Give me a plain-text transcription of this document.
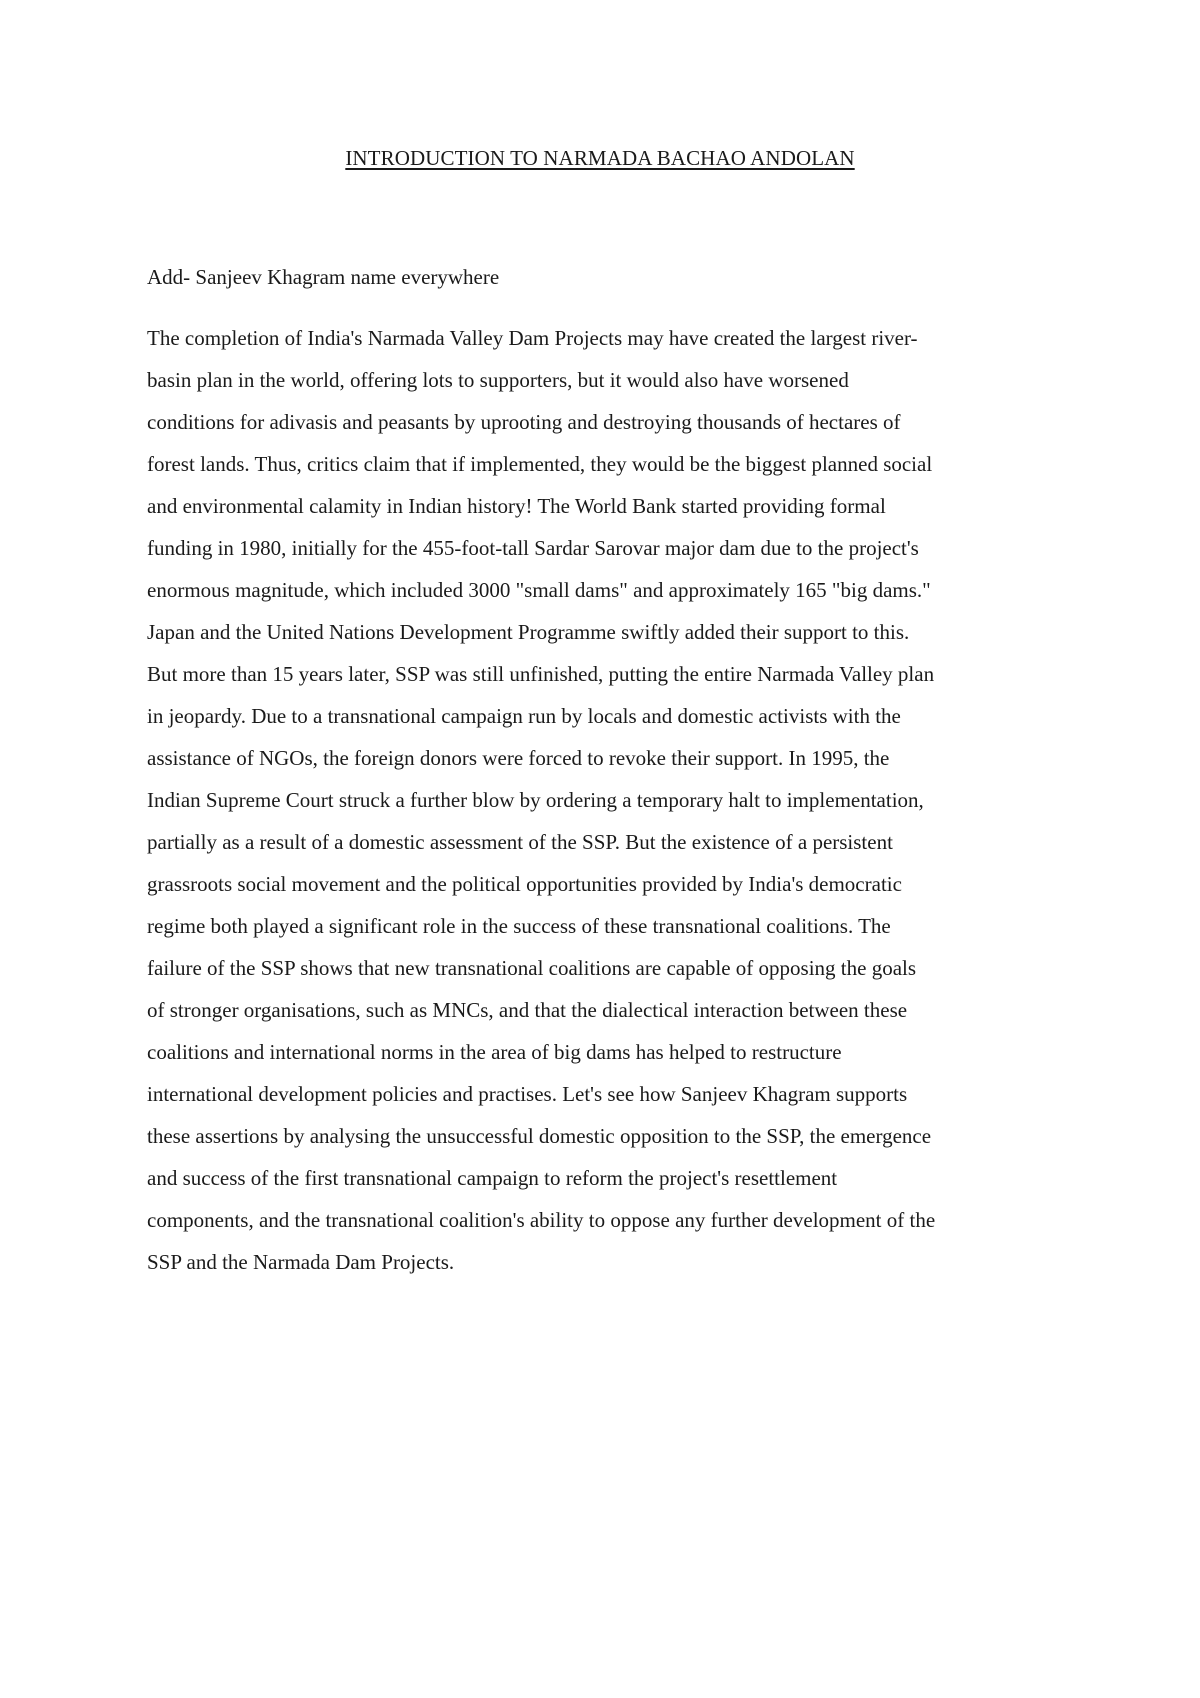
INTRODUCTION TO NARMADA BACHAO ANDOLAN

Add- Sanjeev Khagram name everywhere

The completion of India's Narmada Valley Dam Projects may have created the largest river-
basin plan in the world, offering lots to supporters, but it would also have worsened
conditions for adivasis and peasants by uprooting and destroying thousands of hectares of
forest lands. Thus, critics claim that if implemented, they would be the biggest planned social
and environmental calamity in Indian history! The World Bank started providing formal
funding in 1980, initially for the 455-foot-tall Sardar Sarovar major dam due to the project's
enormous magnitude, which included 3000 "small dams" and approximately 165 "big dams."
Japan and the United Nations Development Programme swiftly added their support to this.
But more than 15 years later, SSP was still unfinished, putting the entire Narmada Valley plan
in jeopardy. Due to a transnational campaign run by locals and domestic activists with the
assistance of NGOs, the foreign donors were forced to revoke their support. In 1995, the
Indian Supreme Court struck a further blow by ordering a temporary halt to implementation,
partially as a result of a domestic assessment of the SSP. But the existence of a persistent
grassroots social movement and the political opportunities provided by India's democratic
regime both played a significant role in the success of these transnational coalitions. The
failure of the SSP shows that new transnational coalitions are capable of opposing the goals
of stronger organisations, such as MNCs, and that the dialectical interaction between these
coalitions and international norms in the area of big dams has helped to restructure
international development policies and practises. Let's see how Sanjeev Khagram supports
these assertions by analysing the unsuccessful domestic opposition to the SSP, the emergence
and success of the first transnational campaign to reform the project's resettlement
components, and the transnational coalition's ability to oppose any further development of the
SSP and the Narmada Dam Projects.
